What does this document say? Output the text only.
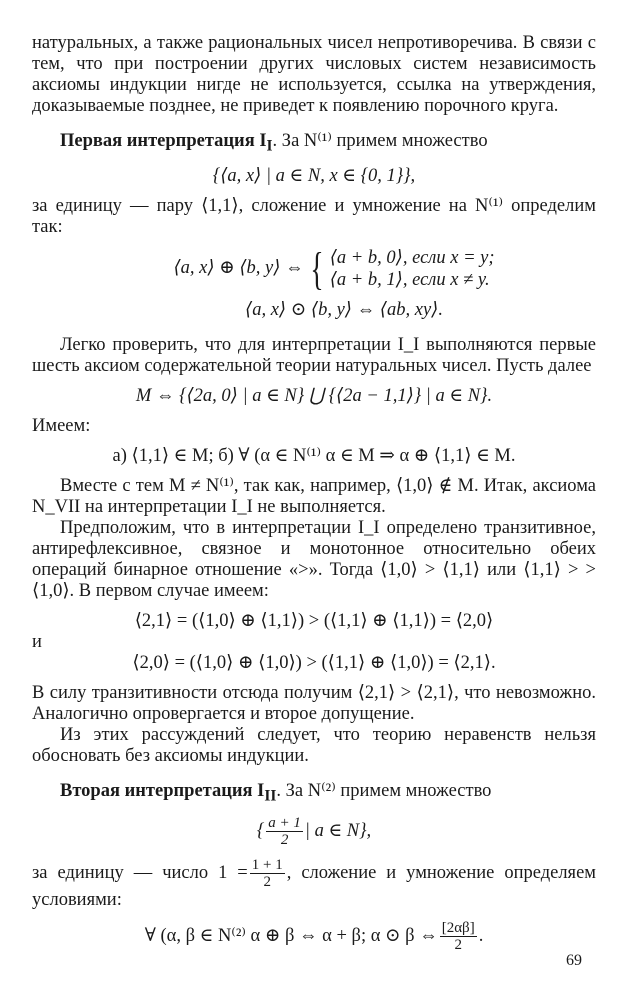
натуральных, а также рациональных чисел непротиворечива. В связи с тем, что при построении других числовых систем независимость аксиомы индукции нигде не используется, ссылка на утверждения, доказываемые позднее, не приведет к появлению порочного круга.

Первая интерпретация $I_I$. За N⁽¹⁾ примем множество

{⟨a, x⟩ | a ∈ N, x ∈ {0, 1}},

за единицу — пару ⟨1,1⟩, сложение и умножение на N⁽¹⁾ определим так:

⟨a, x⟩ ⊕ ⟨b, y⟩ ⇔ { ⟨a + b, 0⟩, если x = y;
⟨a + b, 1⟩, если x ≠ y.

⟨a, x⟩ ⊙ ⟨b, y⟩ ⇔ ⟨ab, xy⟩.

Легко проверить, что для интерпретации I_I выполняются первые шесть аксиом содержательной теории натуральных чисел. Пусть далее

M ⇔ {⟨2a, 0⟩ | a ∈ N} ⋃ {⟨2a − 1,1⟩} | a ∈ N}.

Имеем:

а) ⟨1,1⟩ ∈ M; б) ∀ (α ∈ N⁽¹⁾ α ∈ M ⇒ α ⊕ ⟨1,1⟩ ∈ M.

Вместе с тем M ≠ N⁽¹⁾, так как, например, ⟨1,0⟩ ∉ M. Итак, аксиома N_VII на интерпретации I_I не выполняется.

Предположим, что в интерпретации I_I определено транзитивное, антирефлексивное, связное и монотонное относительно обеих операций бинарное отношение «>». Тогда ⟨1,0⟩ > ⟨1,1⟩ или ⟨1,1⟩ > > ⟨1,0⟩. В первом случае имеем:

⟨2,1⟩ = (⟨1,0⟩ ⊕ ⟨1,1⟩) > (⟨1,1⟩ ⊕ ⟨1,1⟩) = ⟨2,0⟩

и

⟨2,0⟩ = (⟨1,0⟩ ⊕ ⟨1,0⟩) > (⟨1,1⟩ ⊕ ⟨1,0⟩) = ⟨2,1⟩.

В силу транзитивности отсюда получим ⟨2,1⟩ > ⟨2,1⟩, что невозможно. Аналогично опровергается и второе допущение.

Из этих рассуждений следует, что теорию неравенств нельзя обосновать без аксиомы индукции.

Вторая интерпретация $I_{II}$. За N⁽²⁾ примем множество

{ $\frac{a + 1}{2}$ | a ∈ N},

за единицу — число $1 = \frac{1 + 1}{2}$ , сложение и умножение определяем условиями:

∀ (α, β ∈ N⁽²⁾ α ⊕ β ⇔ α + β; α ⊙ β ⇔ $\frac{[2\alpha\beta]}{2}$ .

69
